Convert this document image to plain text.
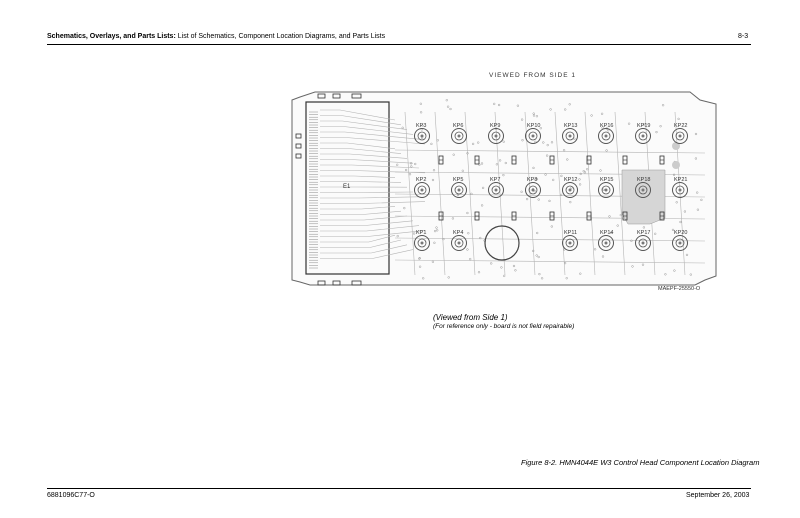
Schematics, Overlays, and Parts Lists: List of Schematics, Component Location Diagrams, and Parts Lists	8-3
VIEWED FROM SIDE 1
KP3	KP6	KP9	KP10	KP13	KP16	KP19	KP22
KP2	KP5	KP7	KP8	KP12	KP15	KP18	KP21
KP1	KP4	KP11	KP14	KP17	KP20
E1
MAEPF-25550-O
(Viewed from Side 1)
(For reference only - board is not field repairable)
Figure 8-2. HMN4044E W3 Control Head Component Location Diagram
6881096C77-O	September 26, 2003
